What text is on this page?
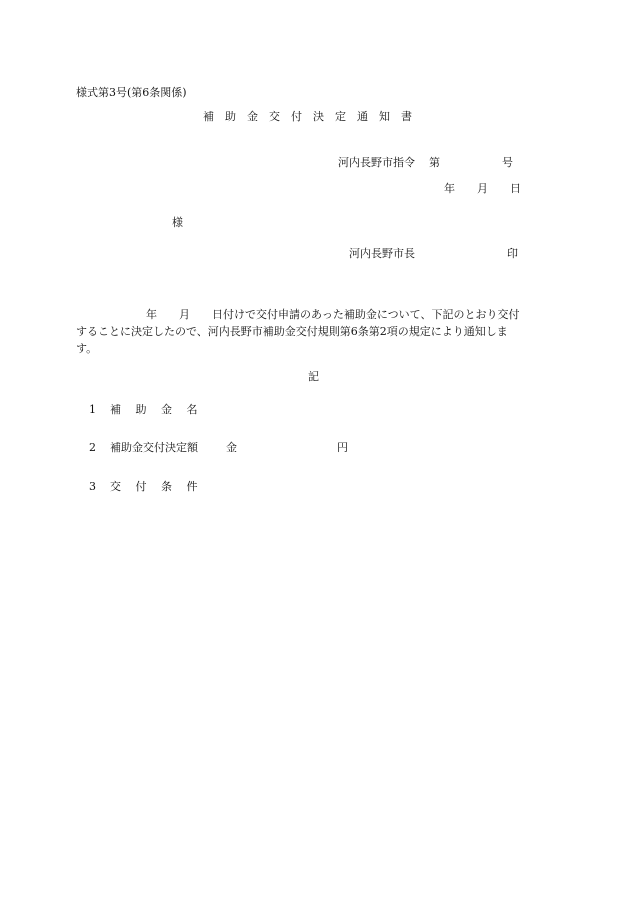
様式第3号(第6条関係)
補　助　金　交　付　決　定　通　知　書
河内長野市指令 第	号
年 月 日
様
河内長野市長	印
年 月 日付けで交付申請のあった補助金について、下記のとおり交付
することに決定したので、河内長野市補助金交付規則第6条第2項の規定により通知しま
す。
記
1 補　 助　 金　 名
2 補助金交付決定額	金	円
3 交　 付　 条　 件
